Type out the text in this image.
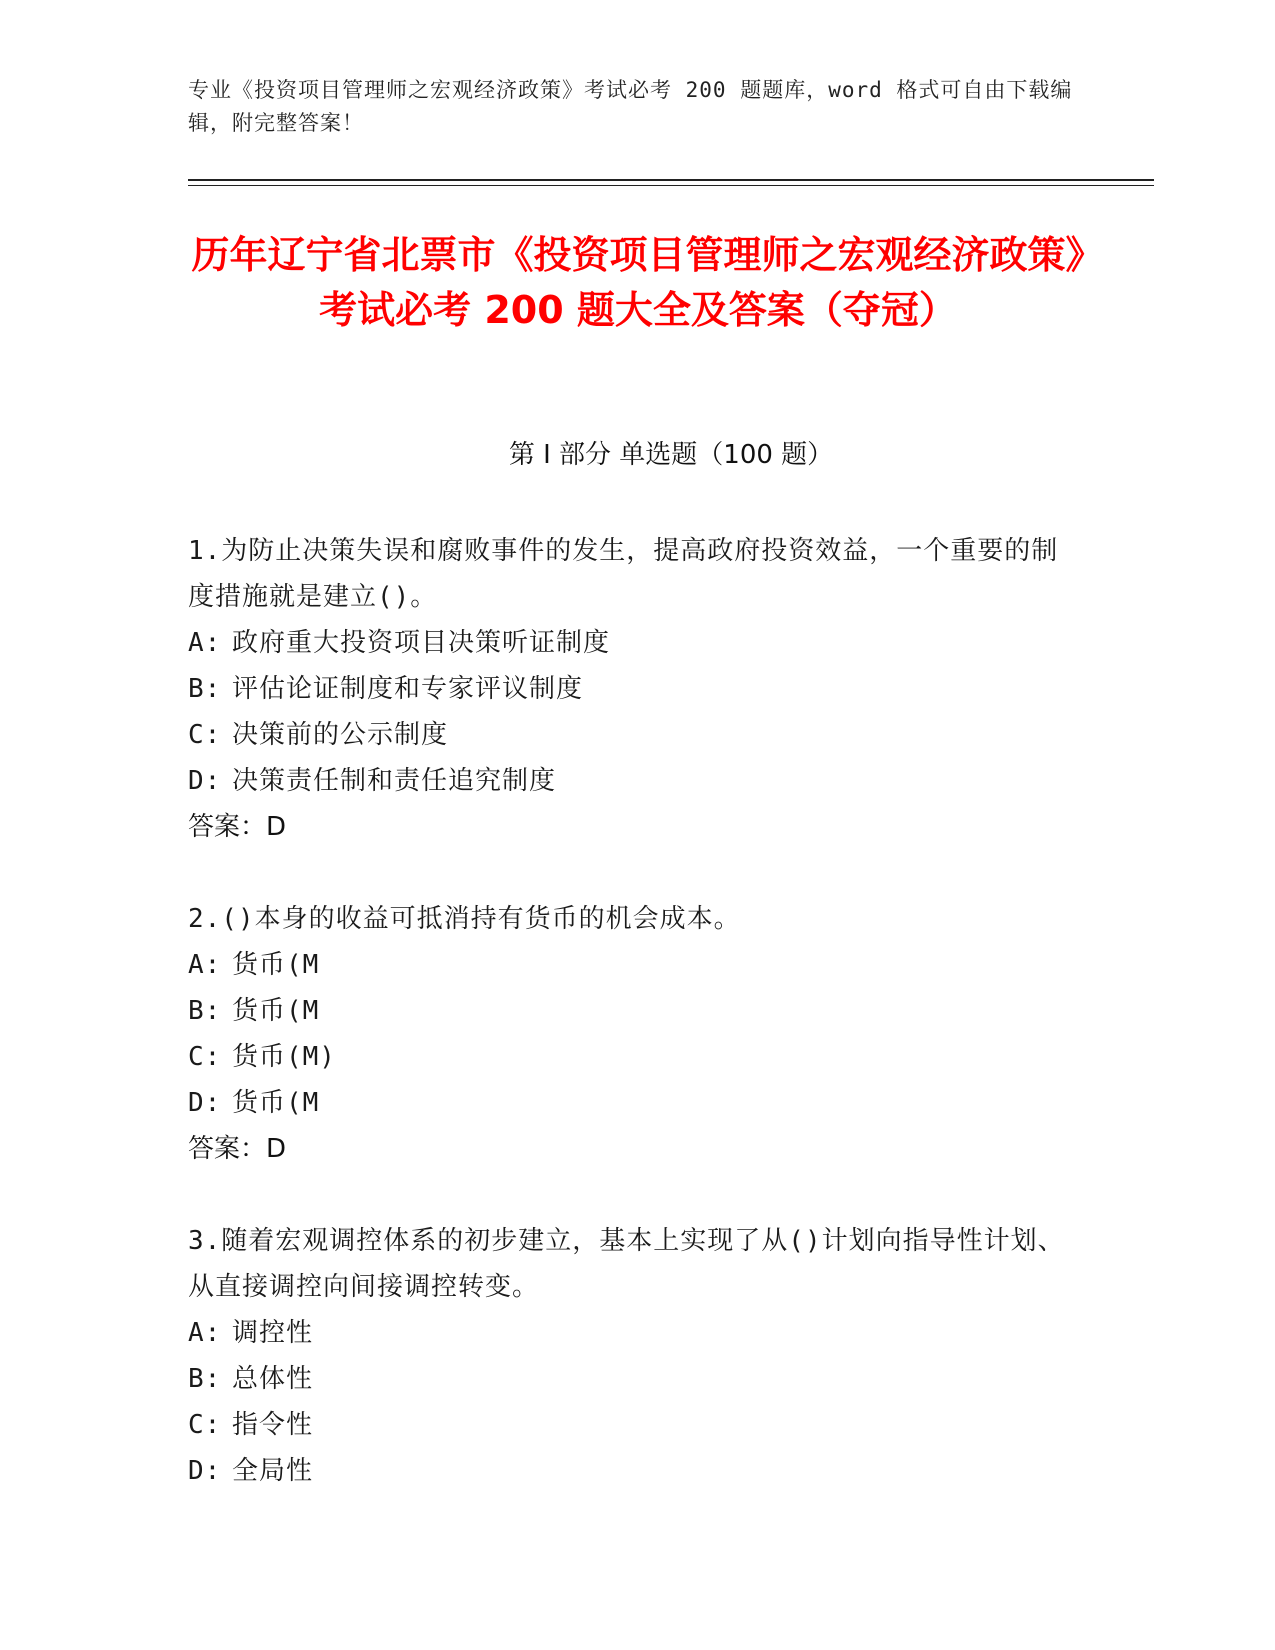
专业《投资项目管理师之宏观经济政策》考试必考 200 题题库，word 格式可自由下载编辑，附完整答案！
历年辽宁省北票市《投资项目管理师之宏观经济政策》考试必考 200 题大全及答案（夺冠）
第 I 部分 单选题（100 题）

1.为防止决策失误和腐败事件的发生，提高政府投资效益，一个重要的制度措施就是建立()。

A: 政府重大投资项目决策听证制度

B: 评估论证制度和专家评议制度

C: 决策前的公示制度

D: 决策责任制和责任追究制度

答案：D

2.()本身的收益可抵消持有货币的机会成本。

A: 货币(M

B: 货币(M

C: 货币(M)

D: 货币(M

答案：D

3.随着宏观调控体系的初步建立，基本上实现了从()计划向指导性计划、从直接调控向间接调控转变。

A: 调控性

B: 总体性

C: 指令性

D: 全局性
